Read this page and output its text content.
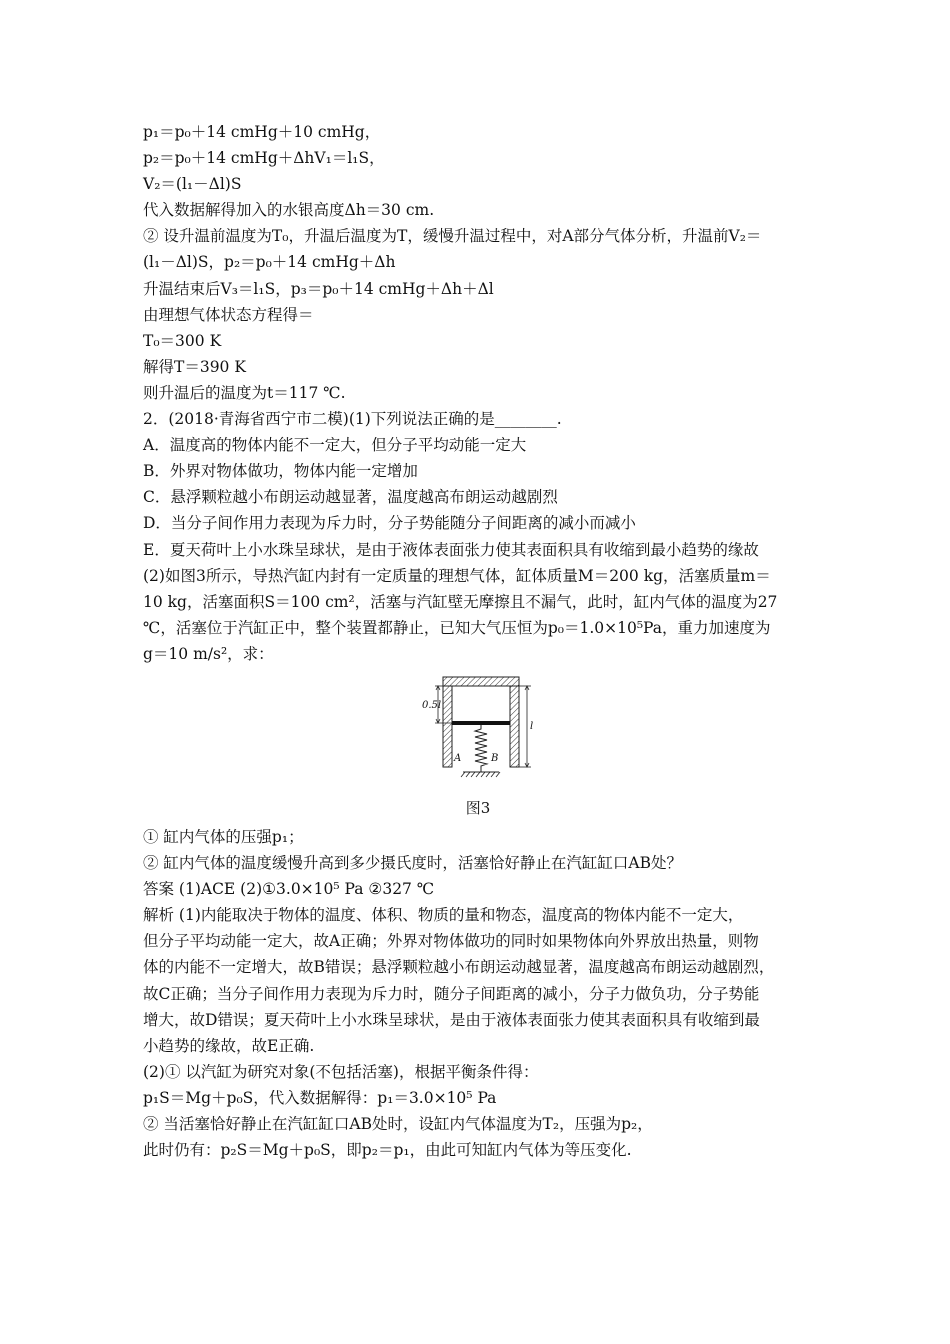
p₁＝p₀＋14 cmHg＋10 cmHg，
p₂＝p₀＋14 cmHg＋ΔhV₁＝l₁S，
V₂＝(l₁－Δl)S
代入数据解得加入的水银高度Δh＝30 cm.
② 设升温前温度为T₀，升温后温度为T，缓慢升温过程中，对A部分气体分析，升温前V₂＝
(l₁－Δl)S，p₂＝p₀＋14 cmHg＋Δh
升温结束后V₃＝l₁S，p₃＝p₀＋14 cmHg＋Δh＋Δl
由理想气体状态方程得＝
T₀＝300 K
解得T＝390 K
则升温后的温度为t＝117 ℃.
2．(2018·青海省西宁市二模)(1)下列说法正确的是________.
A．温度高的物体内能不一定大，但分子平均动能一定大
B．外界对物体做功，物体内能一定增加
C．悬浮颗粒越小布朗运动越显著，温度越高布朗运动越剧烈
D．当分子间作用力表现为斥力时，分子势能随分子间距离的减小而减小
E．夏天荷叶上小水珠呈球状，是由于液体表面张力使其表面积具有收缩到最小趋势的缘故
(2)如图3所示，导热汽缸内封有一定质量的理想气体，缸体质量M＝200 kg，活塞质量m＝
10 kg，活塞面积S＝100 cm²，活塞与汽缸壁无摩擦且不漏气，此时，缸内气体的温度为27
℃，活塞位于汽缸正中，整个装置都静止，已知大气压恒为p₀＝1.0×10⁵Pa，重力加速度为
g＝10 m/s²，求：
0.5l
l
A	B
图3
① 缸内气体的压强p₁；
② 缸内气体的温度缓慢升高到多少摄氏度时，活塞恰好静止在汽缸缸口AB处？
答案 (1)ACE (2)①3.0×10⁵ Pa ②327 ℃
解析 (1)内能取决于物体的温度、体积、物质的量和物态，温度高的物体内能不一定大，
但分子平均动能一定大，故A正确；外界对物体做功的同时如果物体向外界放出热量，则物
体的内能不一定增大，故B错误；悬浮颗粒越小布朗运动越显著，温度越高布朗运动越剧烈，
故C正确；当分子间作用力表现为斥力时，随分子间距离的减小，分子力做负功，分子势能
增大，故D错误；夏天荷叶上小水珠呈球状，是由于液体表面张力使其表面积具有收缩到最
小趋势的缘故，故E正确.
(2)① 以汽缸为研究对象(不包括活塞)，根据平衡条件得：
p₁S＝Mg＋p₀S，代入数据解得：p₁＝3.0×10⁵ Pa
② 当活塞恰好静止在汽缸缸口AB处时，设缸内气体温度为T₂，压强为p₂，
此时仍有：p₂S＝Mg＋p₀S，即p₂＝p₁，由此可知缸内气体为等压变化.
